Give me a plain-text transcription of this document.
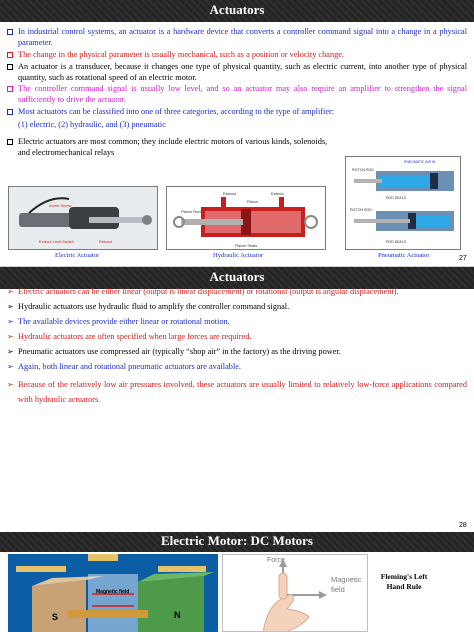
Actuators
In industrial control systems, an actuator is a hardware device that converts a controller command signal into a change in a physical parameter.
The change in the physical parameter is usually mechanical, such as a position or velocity change.
An actuator is a transducer, because it changes one type of physical quantity, such as electric current, into another type of physical quantity, such as rotational speed of an electric motor.
The controller command signal is usually low level, and so an actuator may also require an amplifier to strengthen the signal sufficiently to drive the actuator.
Most actuators can be classified into one of three categories, according to the type of amplifier:
(1) electric, (2) hydraulic, and (3) pneumatic
Electric actuators are most common; they include electric motors of various kinds, solenoids, and electromechanical relays
Acme Screw
Extend Limit Switch	Retract
Electric Actuator
Retract	Extend
Piston
Piston Rod
Piston Seals
Hydraulic Actuator
PNEUMATIC AIR IN
PISTON ROD
ROD SEALS
PISTON ROD
ROD SEALS
Pneumatic Actuator	27
Actuators
➢ Electric actuators can be either linear (output is linear displacement) or rotational (output is angular displacement).
➢ Hydraulic actuators use hydraulic fluid to amplify the controller command signal.
➢ The available devices provide either linear or rotational motion.
➢ Hydraulic actuators are often specified when large forces are required.
➢ Pneumatic actuators use compressed air (typically “shop air” in the factory) as the driving power.
➢ Again, both linear and rotational pneumatic actuators are available.
➢ Because of the relatively low air pressures involved, these actuators are usually limited to relatively low-force applications compared with hydraulic actuators.
28
Electric Motor: DC Motors
Magnetic field
S	N
Force
Magnetic field
Fleming's Left Hand Rule
